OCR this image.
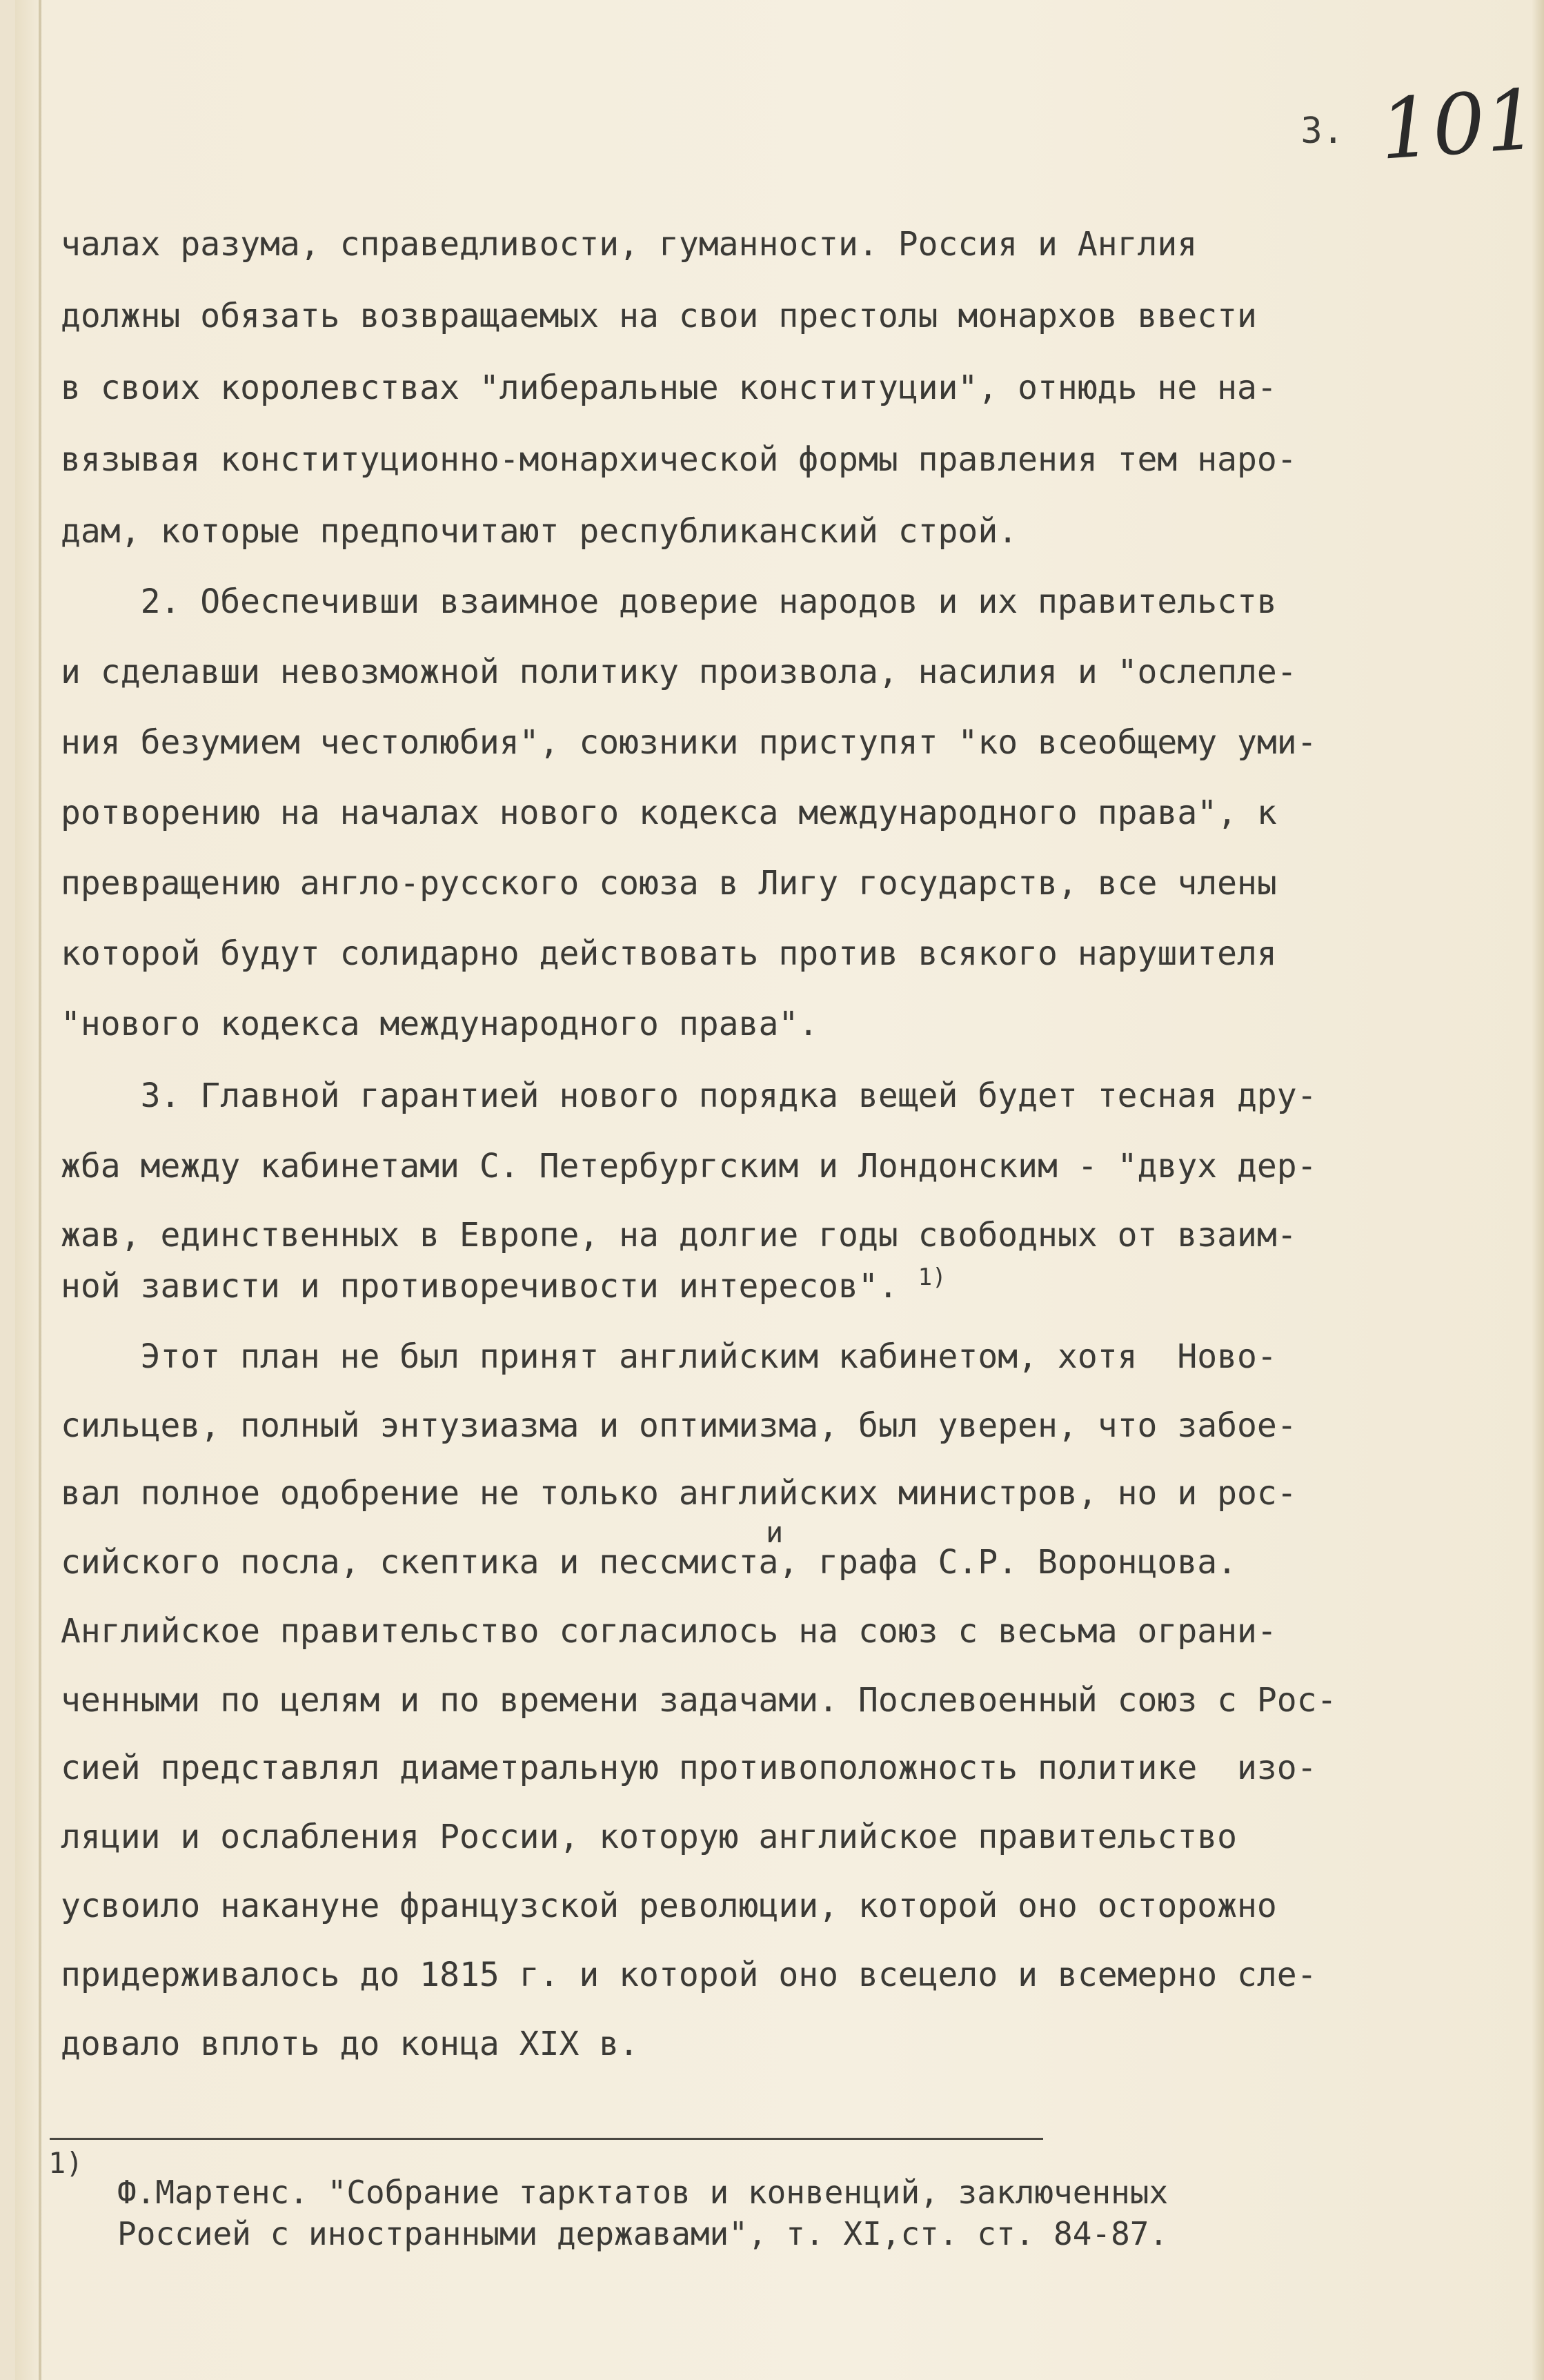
3. 101
чалах разума, справедливости, гуманности. Россия и Англия
должны обязать возвращаемых на свои престолы монархов ввести
в своих королевствах "либеральные конституции", отнюдь не на-
вязывая конституционно-монархической формы правления тем наро-
дам, которые предпочитают республиканский строй.
2. Обеспечивши взаимное доверие народов и их правительств
и сделавши невозможной политику произвола, насилия и "ослепле-
ния безумием честолюбия", союзники приступят "ко всеобщему уми-
ротворению на началах нового кодекса международного права", к
превращению англо-русского союза в Лигу государств, все члены
которой будут солидарно действовать против всякого нарушителя
"нового кодекса международного права".
3. Главной гарантией нового порядка вещей будет тесная дру-
жба между кабинетами С. Петербургским и Лондонским - "двух дер-
жав, единственных в Европе, на долгие годы свободных от взаим-
ной зависти и противоречивости интересов". $^{1)}$
Этот план не был принят английским кабинетом, хотя  Ново-
сильцев, полный энтузиазма и оптимизма, был уверен, что забое-
вал полное одобрение не только английских министров, но и рос-
и
сийского посла, скептика и пессмиста, графа С.Р. Воронцова.
Английское правительство согласилось на союз с весьма ограни-
ченными по целям и по времени задачами. Послевоенный союз с Рос-
сией представлял диаметральную противоположность политике  изо-
ляции и ослабления России, которую английское правительство
усвоило накануне французской революции, которой оно осторожно
придерживалось до 1815 г. и которой оно всецело и всемерно сле-
довало вплоть до конца XIX в.
1)
Ф.Мартенс. "Собрание тарктатов и конвенций, заключенных
Россией с иностранными державами", т. XI,ст. ст. 84-87.
